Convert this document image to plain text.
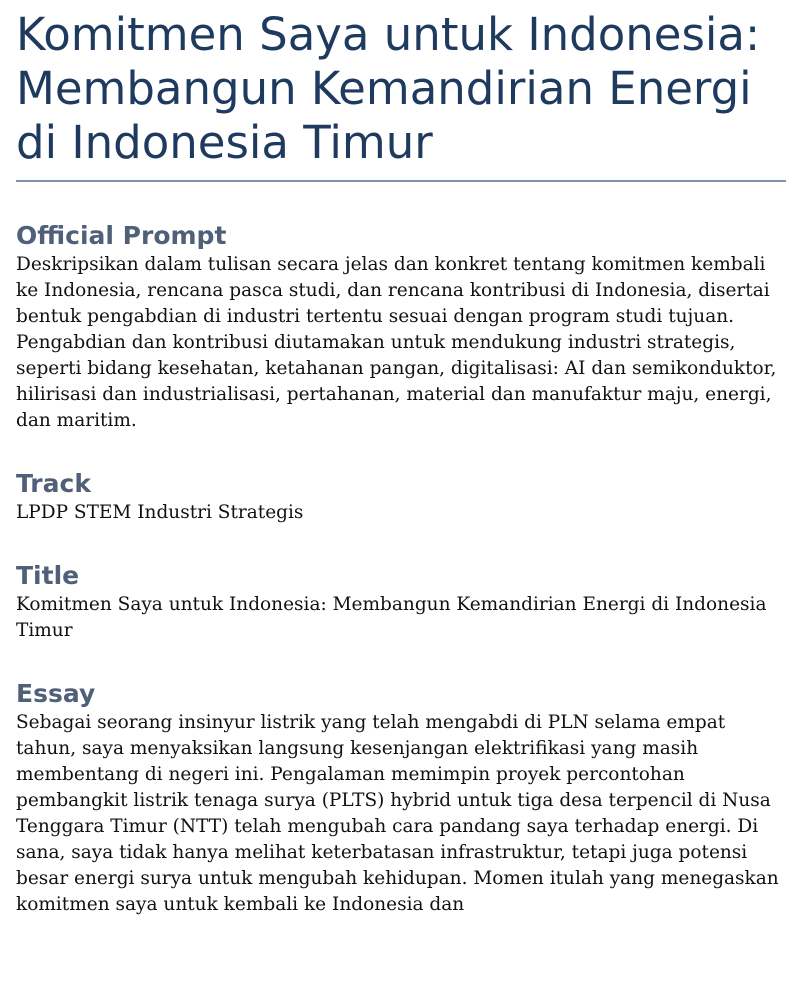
Komitmen Saya untuk Indonesia: Membangun Kemandirian Energi di Indonesia Timur
Official Prompt

Deskripsikan dalam tulisan secara jelas dan konkret tentang komitmen kembali ke Indonesia, rencana pasca studi, dan rencana kontribusi di Indonesia, disertai bentuk pengabdian di industri tertentu sesuai dengan program studi tujuan. Pengabdian dan kontribusi diutamakan untuk mendukung industri strategis, seperti bidang kesehatan, ketahanan pangan, digitalisasi: AI dan semikonduktor, hilirisasi dan industrialisasi, pertahanan, material dan manufaktur maju, energi, dan maritim.

Track

LPDP STEM Industri Strategis

Title

Komitmen Saya untuk Indonesia: Membangun Kemandirian Energi di Indonesia Timur

Essay

Sebagai seorang insinyur listrik yang telah mengabdi di PLN selama empat tahun, saya menyaksikan langsung kesenjangan elektrifikasi yang masih membentang di negeri ini. Pengalaman memimpin proyek percontohan pembangkit listrik tenaga surya (PLTS) hybrid untuk tiga desa terpencil di Nusa Tenggara Timur (NTT) telah mengubah cara pandang saya terhadap energi. Di sana, saya tidak hanya melihat keterbatasan infrastruktur, tetapi juga potensi besar energi surya untuk mengubah kehidupan. Momen itulah yang menegaskan komitmen saya untuk kembali ke Indonesia dan
